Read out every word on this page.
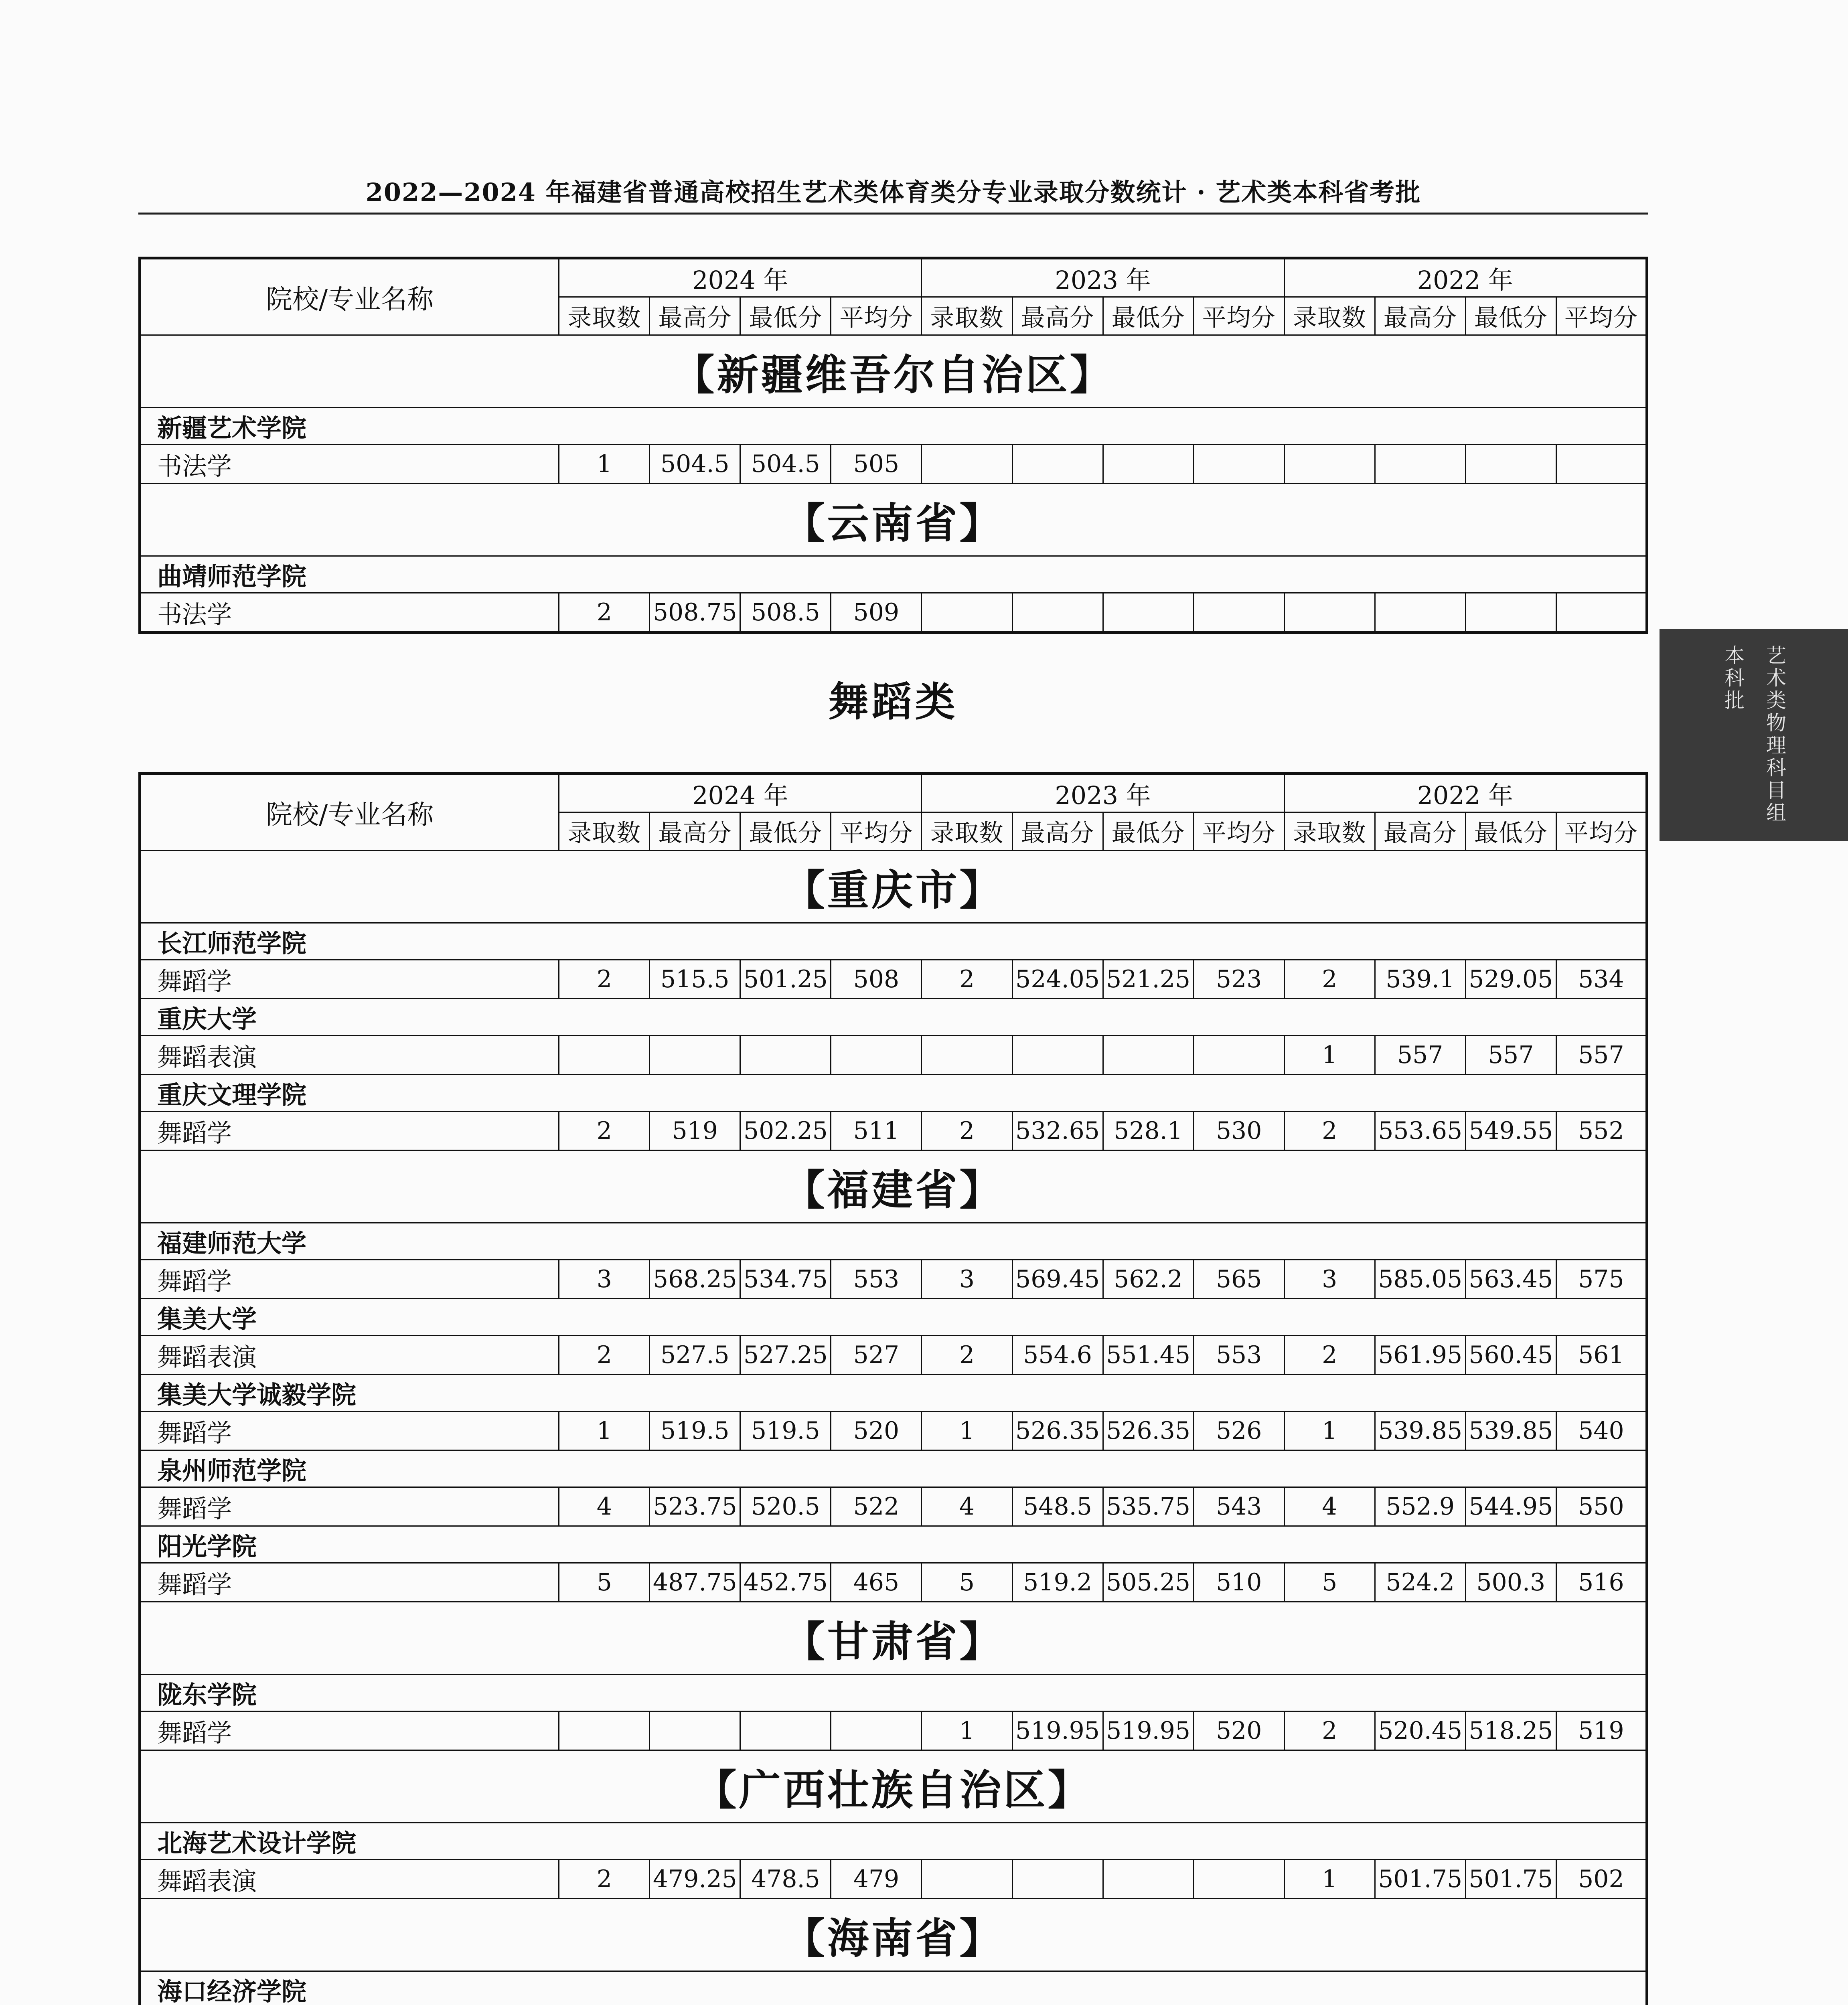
2022—2024 年福建省普通高校招生艺术类体育类分专业录取分数统计 · 艺术类本科省考批
院校/专业名称	2024 年				2023 年				2022 年			
	录取数	最高分	最低分	平均分	录取数	最高分	最低分	平均分	录取数	最高分	最低分	平均分
【新疆维吾尔自治区】												
新疆艺术学院												
书法学	1	504.5	504.5	505								
【云南省】												
曲靖师范学院												
书法学	2	508.75	508.5	509								
舞蹈类
院校/专业名称	2024 年				2023 年				2022 年			
	录取数	最高分	最低分	平均分	录取数	最高分	最低分	平均分	录取数	最高分	最低分	平均分
【重庆市】												
长江师范学院												
舞蹈学	2	515.5	501.25	508	2	524.05	521.25	523	2	539.1	529.05	534
重庆大学												
舞蹈表演									1	557	557	557
重庆文理学院												
舞蹈学	2	519	502.25	511	2	532.65	528.1	530	2	553.65	549.55	552
【福建省】												
福建师范大学												
舞蹈学	3	568.25	534.75	553	3	569.45	562.2	565	3	585.05	563.45	575
集美大学												
舞蹈表演	2	527.5	527.25	527	2	554.6	551.45	553	2	561.95	560.45	561
集美大学诚毅学院												
舞蹈学	1	519.5	519.5	520	1	526.35	526.35	526	1	539.85	539.85	540
泉州师范学院												
舞蹈学	4	523.75	520.5	522	4	548.5	535.75	543	4	552.9	544.95	550
阳光学院												
舞蹈学	5	487.75	452.75	465	5	519.2	505.25	510	5	524.2	500.3	516
【甘肃省】												
陇东学院												
舞蹈学					1	519.95	519.95	520	2	520.45	518.25	519
【广西壮族自治区】												
北海艺术设计学院												
舞蹈表演	2	479.25	478.5	479					1	501.75	501.75	502
【海南省】												
海口经济学院												

艺术类物理科目组
本科批
